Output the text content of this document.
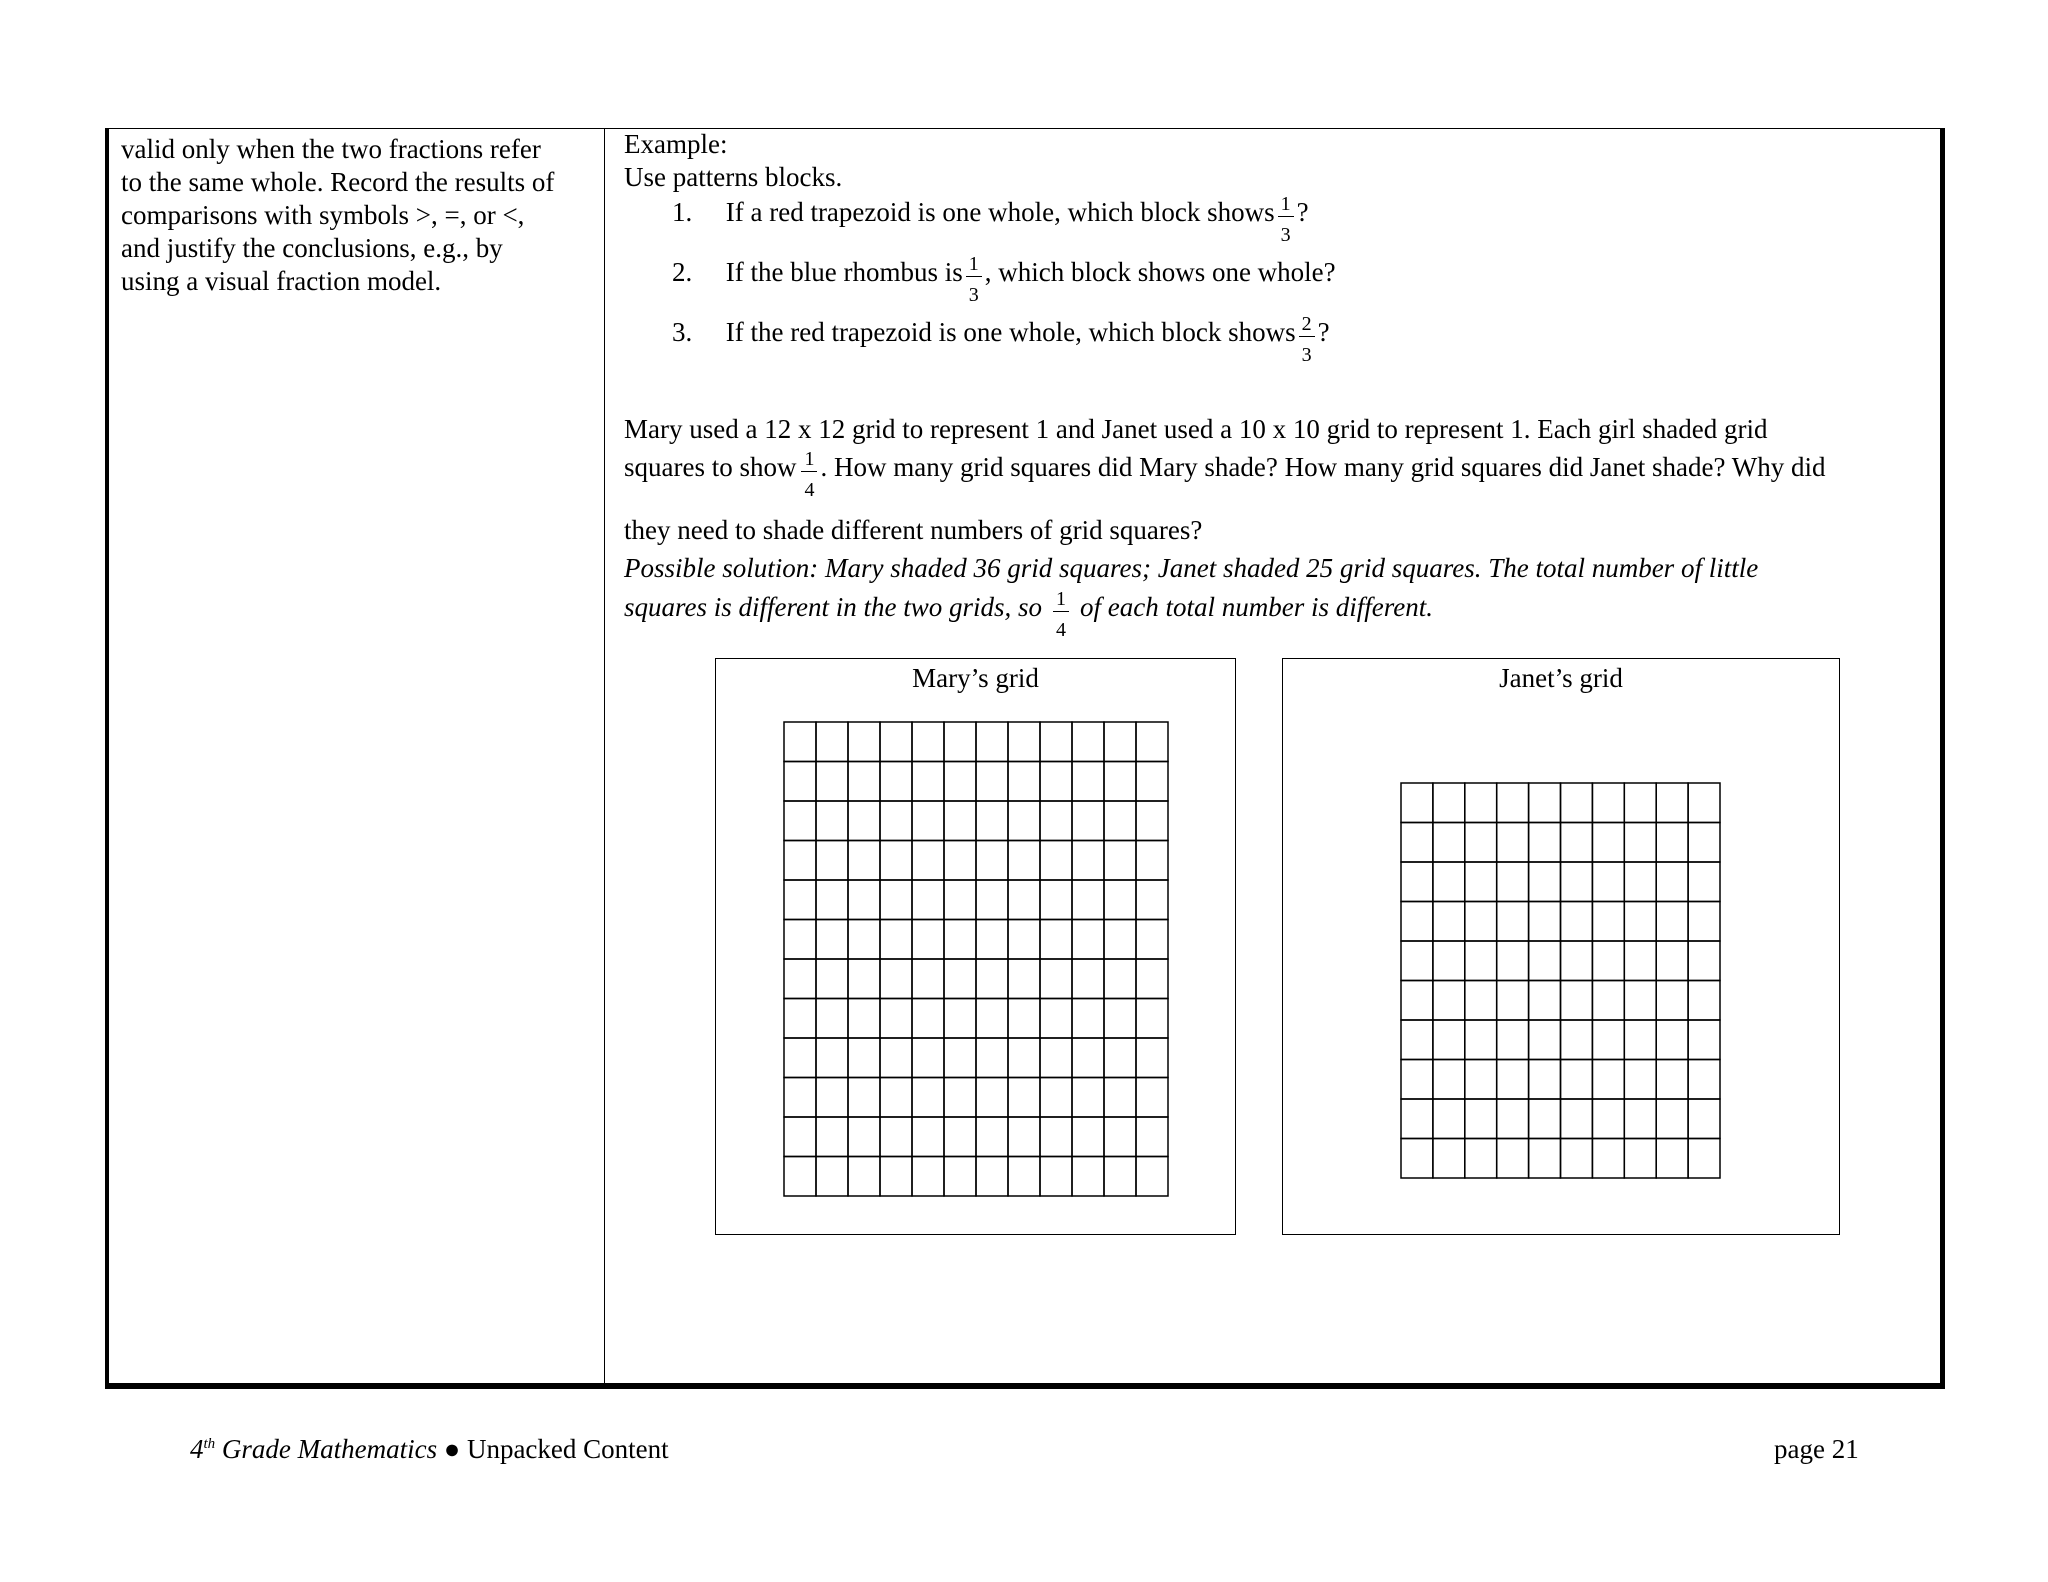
valid only when the two fractions refer

to the same whole. Record the results of

comparisons with symbols >, =, or <,

and justify the conclusions, e.g., by

using a visual fraction model.

Example:
Use patterns blocks.
1. If a red trapezoid is one whole, which block shows $\frac{1}{3}$ ?
2. If the blue rhombus is $\frac{1}{3}$ , which block shows one whole?
3. If the red trapezoid is one whole, which block shows $\frac{2}{3}$ ?
Mary used a 12 x 12 grid to represent 1 and Janet used a 10 x 10 grid to represent 1. Each girl shaded grid
squares to show $\frac{1}{4}$ . How many grid squares did Mary shade? How many grid squares did Janet shade? Why did
they need to shade different numbers of grid squares?
Possible solution: Mary shaded 36 grid squares; Janet shaded 25 grid squares. The total number of little
squares is different in the two grids, so $\frac{1}{4}$ of each total number is different.
Mary’s grid	Janet’s grid
4th Grade Mathematics ● Unpacked Content	page 21
